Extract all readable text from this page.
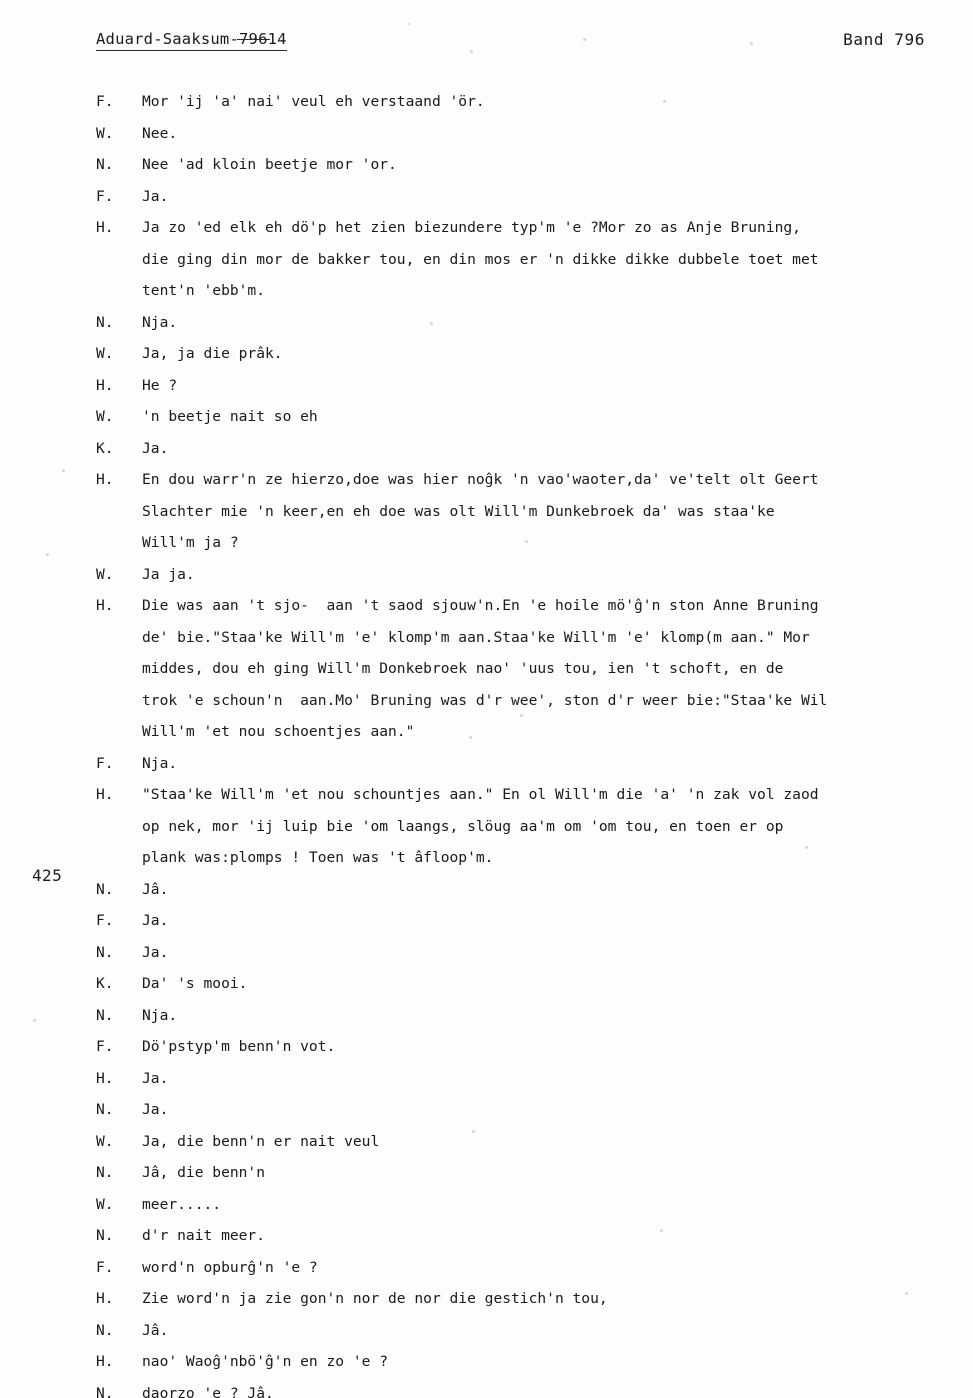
Aduard-Saaksum-79614	Band 796
425
F.	Mor 'ij 'a' nai' veul eh verstaand 'ör.
W.	Nee.
N.	Nee 'ad kloin beetje mor 'or.
F.	Ja.
H.	Ja zo 'ed elk eh dö'p het zien biezundere typ'm 'e ?Mor zo as Anje Bruning,
die ging din mor de bakker tou, en din mos er 'n dikke dikke dubbele toet met
tent'n 'ebb'm.
N.	Nja.
W.	Ja, ja die prâk.
H.	He ?
W.	'n beetje nait so eh
K.	Ja.
H.	En dou warr'n ze hierzo,doe was hier noĝk 'n vao'waoter,da' ve'telt olt Geert
Slachter mie 'n keer,en eh doe was olt Will'm Dunkebroek da' was staa'ke
Will'm ja ?
W.	Ja ja.
H.	Die was aan 't sjo-  aan 't saod sjouw'n.En 'e hoile mö'ĝ'n ston Anne Bruning
de' bie."Staa'ke Will'm 'e' klomp'm aan.Staa'ke Will'm 'e' klomp(m aan." Mor
middes, dou eh ging Will'm Donkebroek nao' 'uus tou, ien 't schoft, en de
trok 'e schoun'n  aan.Mo' Bruning was d'r wee', ston d'r weer bie:"Staa'ke Wil
Will'm 'et nou schoentjes aan."
F.	Nja.
H.	"Staa'ke Will'm 'et nou schountjes aan." En ol Will'm die 'a' 'n zak vol zaod
op nek, mor 'ij luip bie 'om laangs, slöug aa'm om 'om tou, en toen er op
plank was:plomps ! Toen was 't âfloop'm.
N.	Jâ.
F.	Ja.
N.	Ja.
K.	Da' 's mooi.
N.	Nja.
F.	Dö'pstyp'm benn'n vot.
H.	Ja.
N.	Ja.
W.	Ja, die benn'n er nait veul
N.	Jâ, die benn'n
W.	meer.....
N.	d'r nait meer.
F.	word'n opburĝ'n 'e ?
H.	Zie word'n ja zie gon'n nor de nor die gestich'n tou,
N.	Jâ.
H.	nao' Waoĝ'nbö'ĝ'n en zo 'e ?
N.	daorzo 'e ? Jâ.
